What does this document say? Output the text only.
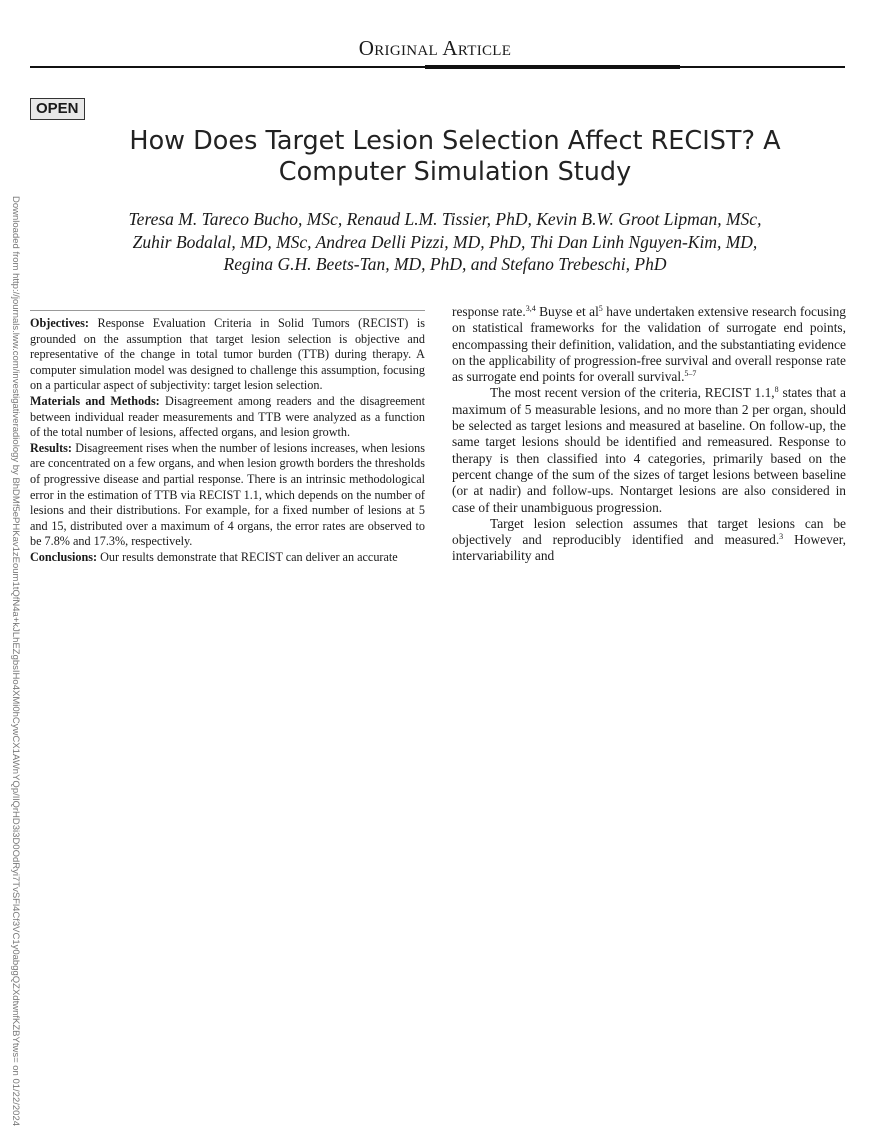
Original Article
OPEN
How Does Target Lesion Selection Affect RECIST? A
Computer Simulation Study
Teresa M. Tareco Bucho, MSc, Renaud L.M. Tissier, PhD, Kevin B.W. Groot Lipman, MSc,
Zuhir Bodalal, MD, MSc, Andrea Delli Pizzi, MD, PhD, Thi Dan Linh Nguyen-Kim, MD,
Regina G.H. Beets-Tan, MD, PhD, and Stefano Trebeschi, PhD
Downloaded from http://journals.lww.com/investigativeradiology by BhDMf5ePHKav1zEoum1tQfN4a+kJLhEZgbsIHo4XMi0hCywCX1AWnYQp/IlQrHD3i3D0OdRyi7TvSFl4Cf3VC1y0abggQZXdtwnfKZBYtws= on 01/22/2024 Objectives: Response Evaluation Criteria in Solid Tumors (RECIST) is grounded on the assumption that target lesion selection is objective and representative of the change in total tumor burden (TTB) during therapy. A computer simulation model was designed to challenge this assumption, focusing on a particular aspect of subjectivity: target lesion selection.

Materials and Methods: Disagreement among readers and the disagreement between individual reader measurements and TTB were analyzed as a function of the total number of lesions, affected organs, and lesion growth.

Results: Disagreement rises when the number of lesions increases, when lesions are concentrated on a few organs, and when lesion growth borders the thresholds of progressive disease and partial response. There is an intrinsic methodological error in the estimation of TTB via RECIST 1.1, which depends on the number of lesions and their distributions. For example, for a fixed number of lesions at 5 and 15, distributed over a maximum of 4 organs, the error rates are observed to be 7.8% and 17.3%, respectively.

Conclusions: Our results demonstrate that RECIST can deliver an accurate

response rate.$^{3,4}$ Buyse et $al^5$ have undertaken extensive research focusing on statistical frameworks for the validation of surrogate end points, encompassing their definition, validation, and the substantiating evidence on the applicability of progression-free survival and overall response rate as surrogate end points for overall survival.$^{5-7}$

The most recent version of the criteria, RECIST 1.1,$^8$ states that a maximum of 5 measurable lesions, and no more than 2 per organ, should be selected as target lesions and measured at baseline. On follow-up, the same target lesions should be identified and remeasured. Response to therapy is then classified into 4 categories, primarily based on the percent change of the sum of the sizes of target lesions between baseline (or at nadir) and follow-ups. Nontarget lesions are also considered in case of their unambiguous progression.

Target lesion selection assumes that target lesions can be objectively and reproducibly identified and measured.$^3$ However, intervariability and
